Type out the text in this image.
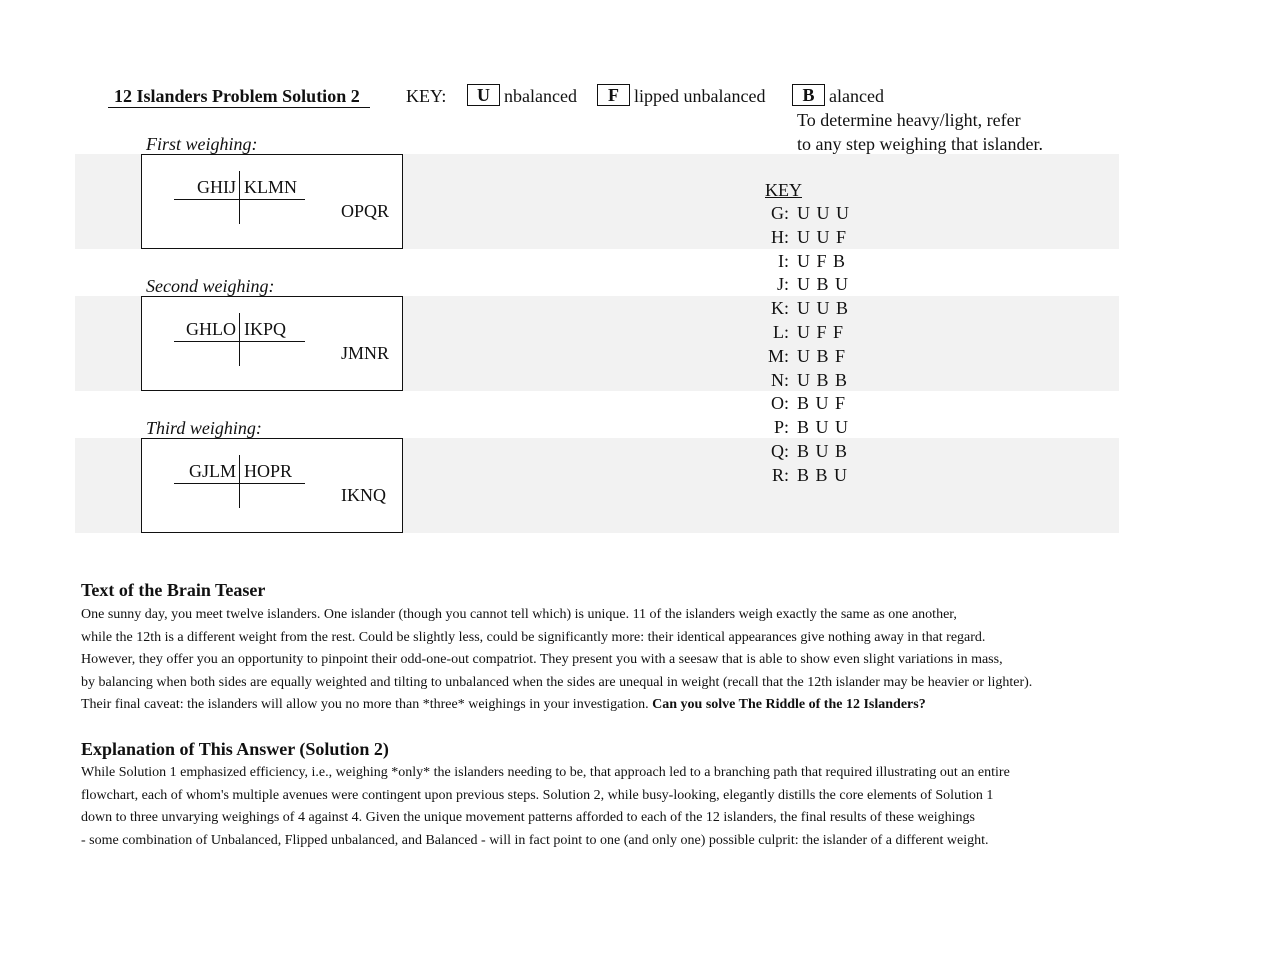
12 Islanders Problem Solution 2	KEY:	U nbalanced	F lipped unbalanced	B alanced
To determine heavy/light, refer
to any step weighing that islander.
First weighing:
GHIJ KLMN
OPQR
Second weighing:
GHLO IKPQ
JMNR
Third weighing:
GJLM HOPR
IKNQ
KEY
G: U U U
H: U U F
I: U F B
J: U B U
K: U U B
L: U F F
M: U B F
N: U B B
O: B U F
P: B U U
Q: B U B
R: B B U
Text of the Brain Teaser
One sunny day, you meet twelve islanders. One islander (though you cannot tell which) is unique. 11 of the islanders weigh exactly the same as one another,
while the 12th is a different weight from the rest. Could be slightly less, could be significantly more: their identical appearances give nothing away in that regard.
However, they offer you an opportunity to pinpoint their odd-one-out compatriot. They present you with a seesaw that is able to show even slight variations in mass,
by balancing when both sides are equally weighted and tilting to unbalanced when the sides are unequal in weight (recall that the 12th islander may be heavier or lighter).
Their final caveat: the islanders will allow you no more than *three* weighings in your investigation. Can you solve The Riddle of the 12 Islanders?
Explanation of This Answer (Solution 2)
While Solution 1 emphasized efficiency, i.e., weighing *only* the islanders needing to be, that approach led to a branching path that required illustrating out an entire
flowchart, each of whom's multiple avenues were contingent upon previous steps. Solution 2, while busy-looking, elegantly distills the core elements of Solution 1
down to three unvarying weighings of 4 against 4. Given the unique movement patterns afforded to each of the 12 islanders, the final results of these weighings
- some combination of Unbalanced, Flipped unbalanced, and Balanced - will in fact point to one (and only one) possible culprit: the islander of a different weight.
